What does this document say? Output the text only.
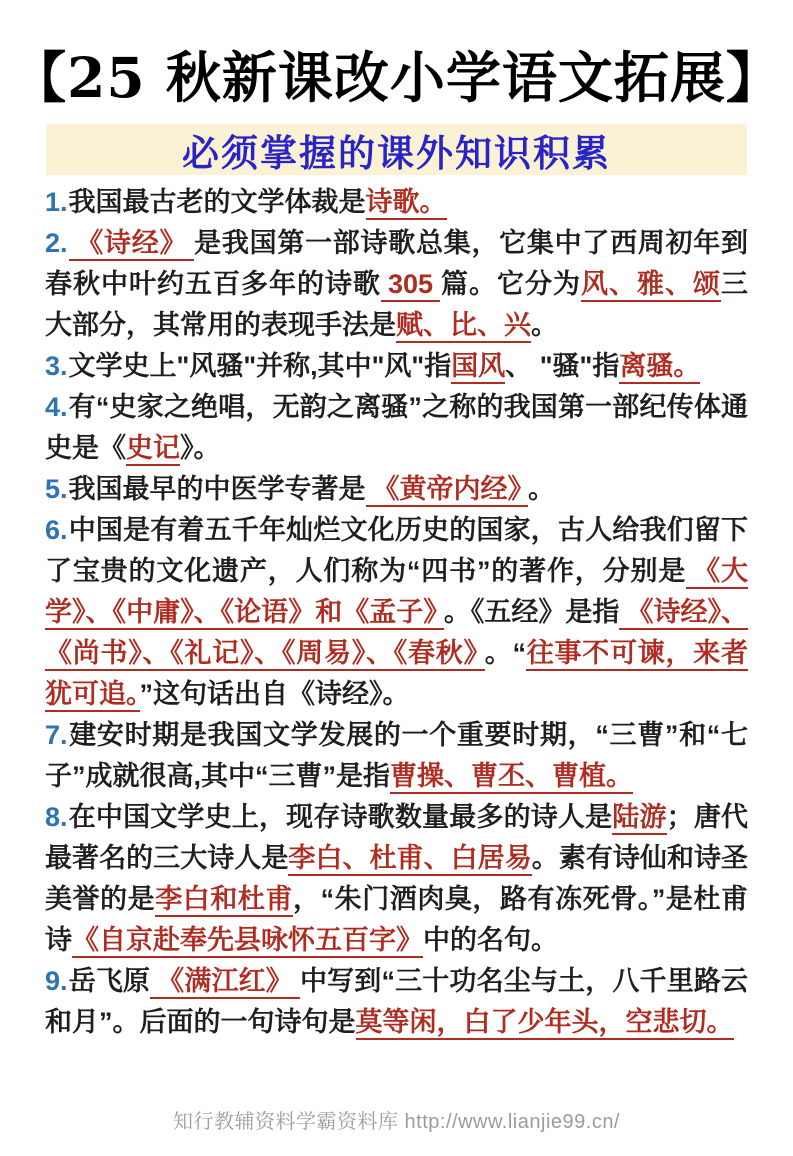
【25 秋新课改小学语文拓展】
必须掌握的课外知识积累

1.我国最古老的文学体裁是诗歌。

2. 《诗经》 是我国第一部诗歌总集，它集中了西周初年到春秋中叶约五百多年的诗歌 305 篇。它分为风、雅、颂三大部分，其常用的表现手法是赋、比、兴。

3.文学史上"风骚"并称,其中"风"指国风、 "骚"指离骚。

4.有“史家之绝唱，无韵之离骚”之称的我国第一部纪传体通史是《史记》。

5.我国最早的中医学专著是 《黄帝内经》 。

6.中国是有着五千年灿烂文化历史的国家，古人给我们留下了宝贵的文化遗产，人们称为“四书”的著作，分别是 《大学》、《中庸》、《论语》和《孟子》 。《五经》是指 《诗经》、《尚书》、《礼记》、《周易》、《春秋》 。“往事不可谏，来者犹可追。”这句话出自《诗经》。

7.建安时期是我国文学发展的一个重要时期，“三曹”和“七子”成就很高,其中“三曹”是指曹操、曹丕、曹植。

8.在中国文学史上，现存诗歌数量最多的诗人是陆游；唐代最著名的三大诗人是李白、杜甫、白居易。素有诗仙和诗圣美誉的是李白和杜甫，“朱门酒肉臭，路有冻死骨。”是杜甫诗《自京赴奉先县咏怀五百字》中的名句。

9.岳飞原 《满江红》 中写到“三十功名尘与土，八千里路云和月”。后面的一句诗句是莫等闲，白了少年头，空悲切。

知行教辅资料学霸资料库 http://www.lianjie99.cn/
